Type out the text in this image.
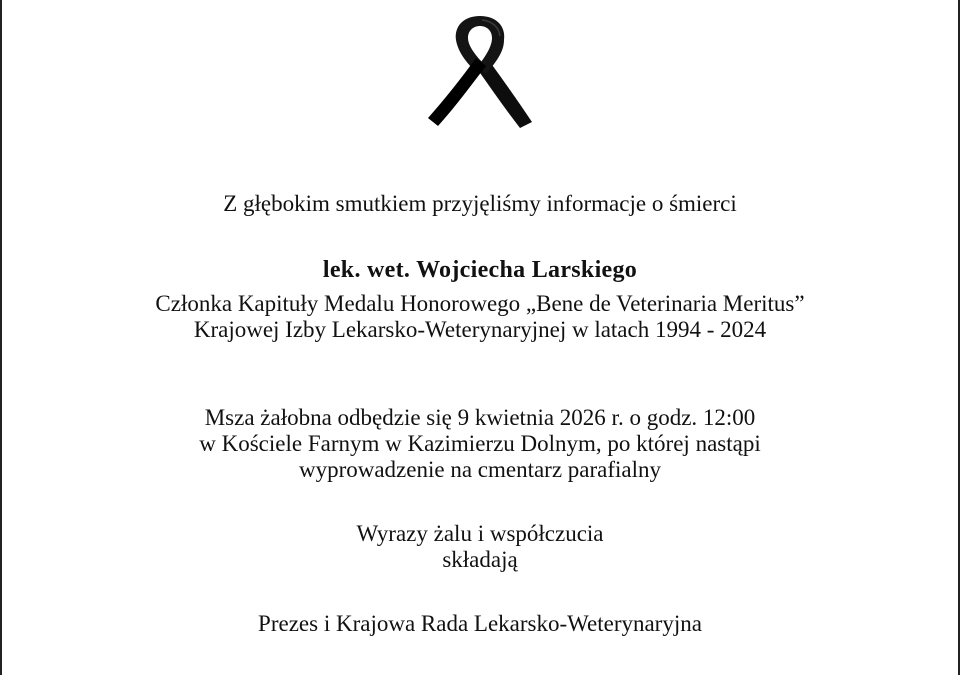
Z głębokim smutkiem przyjęliśmy informacje o śmierci
lek. wet. Wojciecha Larskiego
Członka Kapituły Medalu Honorowego „Bene de Veterinaria Meritus”
Krajowej Izby Lekarsko-Weterynaryjnej w latach 1994 - 2024
Msza żałobna odbędzie się 9 kwietnia 2026 r. o godz. 12:00
w Kościele Farnym w Kazimierzu Dolnym, po której nastąpi
wyprowadzenie na cmentarz parafialny
Wyrazy żalu i współczucia
składają
Prezes i Krajowa Rada Lekarsko-Weterynaryjna
